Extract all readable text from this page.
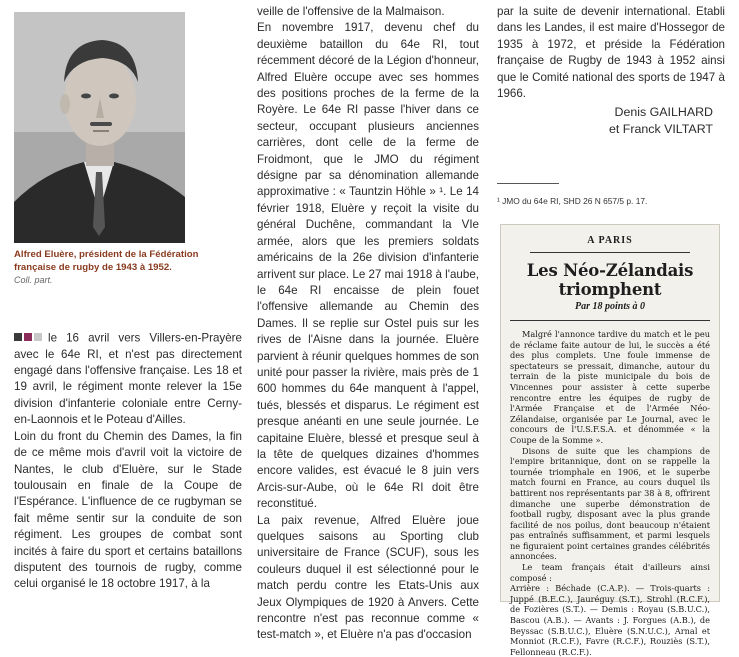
Alfred Eluère, président de la Fédération française de rugby de 1943 à 1952.
Coll. part.

le 16 avril vers Villers-en-Prayère avec le 64e RI, et n'est pas directement engagé dans l'offensive française. Les 18 et 19 avril, le régiment monte relever la 15e division d'infanterie coloniale entre Cerny-en-Laonnois et le Poteau d'Ailles.

Loin du front du Chemin des Dames, la fin de ce même mois d'avril voit la victoire de Nantes, le club d'Eluère, sur le Stade toulousain en finale de la Coupe de l'Espérance. L'influence de ce rugbyman se fait même sentir sur la conduite de son régiment. Les groupes de combat sont incités à faire du sport et certains bataillons disputent des tournois de rugby, comme celui organisé le 18 octobre 1917, à la

veille de l'offensive de la Malmaison.

En novembre 1917, devenu chef du deuxième bataillon du 64e RI, tout récemment décoré de la Légion d'honneur, Alfred Eluère occupe avec ses hommes des positions proches de la ferme de la Royère. Le 64e RI passe l'hiver dans ce secteur, occupant plusieurs anciennes carrières, dont celle de la ferme de Froidmont, que le JMO du régiment désigne par sa dénomination allemande approximative : « Tauntzin Höhle » ¹. Le 14 février 1918, Eluère y reçoit la visite du général Duchêne, commandant la VIe armée, alors que les premiers soldats américains de la 26e division d'infanterie arrivent sur place. Le 27 mai 1918 à l'aube, le 64e RI encaisse de plein fouet l'offensive allemande au Chemin des Dames. Il se replie sur Ostel puis sur les rives de l'Aisne dans la journée. Eluère parvient à réunir quelques hommes de son unité pour passer la rivière, mais près de 1 600 hommes du 64e manquent à l'appel, tués, blessés et disparus. Le régiment est presque anéanti en une seule journée. Le capitaine Eluère, blessé et presque seul à la tête de quelques dizaines d'hommes encore valides, est évacué le 8 juin vers Arcis-sur-Aube, où le 64e RI doit être reconstitué.

La paix revenue, Alfred Eluère joue quelques saisons au Sporting club universitaire de France (SCUF), sous les couleurs duquel il est sélectionné pour le match perdu contre les Etats-Unis aux Jeux Olympiques de 1920 à Anvers. Cette rencontre n'est pas reconnue comme « test-match », et Eluère n'a pas d'occasion

par la suite de devenir international. Etabli dans les Landes, il est maire d'Hossegor de 1935 à 1972, et préside la Fédération française de Rugby de 1943 à 1952 ainsi que le Comité national des sports de 1947 à 1966.

Denis GAILHARD
et Franck VILTART
¹ JMO du 64e RI, SHD 26 N 657/5 p. 17.
A PARIS
Les Néo-Zélandais triomphent
Par 18 points à 0

Malgré l'annonce tardive du match et le peu de réclame faite autour de lui, le succès a été des plus complets. Une foule immense de spectateurs se pressait, dimanche, autour du terrain de la piste municipale du bois de Vincennes pour assister à cette superbe rencontre entre les équipes de rugby de l'Armée Française et de l'Armée Néo-Zélandaise, organisée par Le Journal, avec le concours de l'U.S.F.S.A. et dénommée « la Coupe de la Somme ».

Disons de suite que les champions de l'empire britannique, dont on se rappelle la tournée triomphale en 1906, et le superbe match fourni en France, au cours duquel ils battirent nos représentants par 38 à 8, offrirent dimanche une superbe démonstration de football rugby, disposant avec la plus grande facilité de nos poilus, dont beaucoup n'étaient pas entraînés suffisamment, et parmi lesquels ne figuraient point certaines grandes célébrités annoncées.

Le team français était d'ailleurs ainsi composé :

Arrière : Béchade (C.A.P.). — Trois-quarts : Juppé (B.E.C.), Jauréguy (S.T.), Strohl (R.C.F.), de Fozières (S.T.). — Demis : Royau (S.B.U.C.), Bascou (A.B.). — Avants : J. Forgues (A.B.), de Beyssac (S.B.U.C.), Eluère (S.N.U.C.), Arnal et Monniot (R.C.F.), Favre (R.C.F.), Rouziès (S.T.), Fellonneau (R.C.F.).
